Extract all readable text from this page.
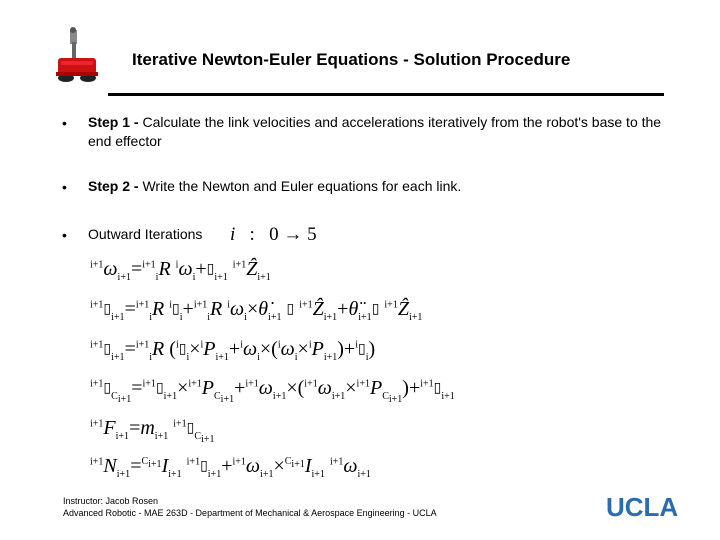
Iterative Newton-Euler Equations - Solution Procedure
• Step 1 - Calculate the link velocities and accelerations iteratively from the robot's base to the end effector
• Step 2 - Write the Newton and Euler equations for each link.
• Outward Iterations	i : 0 → 5
$^{i+1}\omega_{i+1}=^{i+1}_iR$ $^i\omega_i+▯_{i+1}$ $^{i+1}$Ẑ$_{i+1}$
$^{i+1}▯_{i+1}=^{i+1}_iR$ $^i▯_i+^{i+1}_iR$ $^i\omega_i\times\thetȧ_{i+1}$ ▯ $^{i+1}Ẑ_{i+1}+\thetä_{i+1}▯$ $^{i+1}$Ẑ$_{i+1}$
$^{i+1}▯_{i+1}=^{i+1}_iR$ $(^i▯_i\times^iP_{i+1}+^i\omega_i\times(^i\omega_i\times^iP_{i+1})+^i▯_i)$
$^{i+1}▯_{C_{i+1}}=^{i+1}▯_{i+1}\times^{i+1}P_{C_{i+1}}+^{i+1}\omega_{i+1}\times(^{i+1}\omega_{i+1}\times^{i+1}P_{C_{i+1}})+^{i+1}▯_{i+1}$
$^{i+1}F_{i+1}=m_{i+1}$ $^{i+1}▯_{C_{i+1}}$
$^{i+1}N_{i+1}=^{C_{i+1}}I_{i+1}$ $^{i+1}▯_{i+1}+^{i+1}\omega_{i+1}\times^{C_{i+1}}I_{i+1}$ $^{i+1}\omega_{i+1}$
Instructor: Jacob Rosen
Advanced Robotic - MAE 263D - Department of Mechanical & Aerospace Engineering - UCLA	UCLA
